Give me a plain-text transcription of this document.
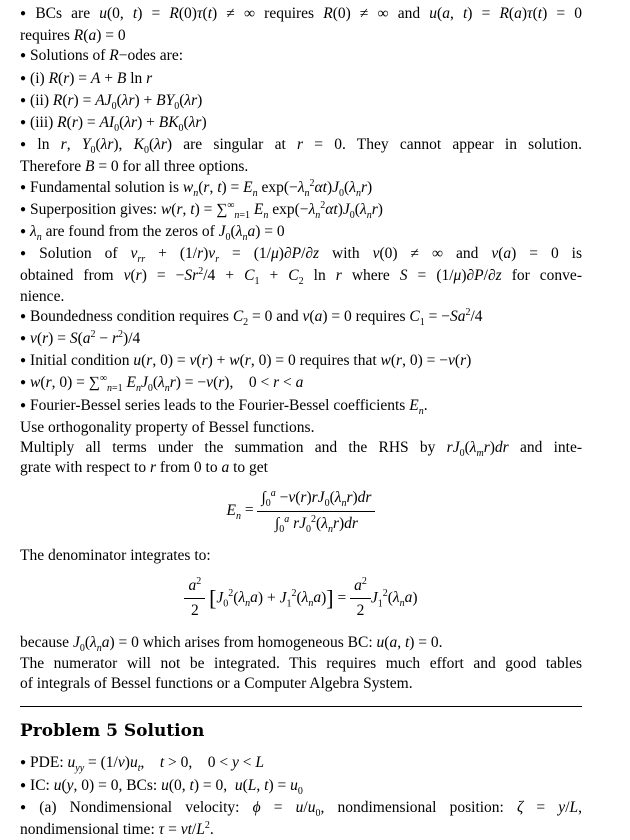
● BCs are u(0, t) = R(0)τ(t) ≠ ∞ requires R(0) ≠ ∞ and u(a, t) = R(a)τ(t) = 0
requires R(a) = 0
● Solutions of R−odes are:
● (i) R(r) = A + B ln r
● (ii) $R(r) = AJ_0(\lambda r) + BY_0(\lambda r)$
● (iii) $R(r) = AI_0(\lambda r) + BK_0(\lambda r)$
● ln r, $Y_0(\lambda r)$, $K_0(\lambda r)$ are singular at r = 0. They cannot appear in solution.
Therefore B = 0 for all three options.
● Fundamental solution is $w_n(r$, $t) = E_n$ $\exp(-\lambda_n^2\alpha t)J_0(\lambda_nr)$
● Superposition gives: w(r, $t) = \sum^\infty_{n=1}$ $E_n$ $\exp(-\lambda_n^2\alpha t)J_0(\lambda_nr)$
● $\lambda_n$ are found from the zeros of $J_0(\lambda_na) = 0$
● Solution of $v_{rr} + (1/r)v_r = (1/\mu)\partial P/\partial z$ with v(0) ≠ ∞ and v(a) = 0 is
obtained from $v(r) = -Sr^2/4 + C_1 + C_2$ ln r where S = (1/μ)∂P/∂z for conve-
nience.
● Boundedness condition requires $C_2 = 0$ and v(a) = 0 requires $C_1 = -Sa^2/4$
● $v(r) = S(a^2 - r^2)/4$
● Initial condition u(r, 0) = v(r) + w(r, 0) = 0 requires that w(r, 0) = −v(r)
● w(r, $0) = \sum^\infty_{n=1}$ $E_nJ_0(\lambda_nr) = -v(r)$,    0 < r < a
● Fourier-Bessel series leads to the Fourier-Bessel coefficients $E_n$.
Use orthogonality property of Bessel functions.
Multiply all terms under the summation and the RHS by $rJ_0(\lambda_mr)dr$ and inte-
grate with respect to r from 0 to a to get
$E_n = \frac{\int_0^a -v(r)rJ_0(\lambda_nr)dr}{\int_0^a rJ_0^2(\lambda_nr)dr}$
The denominator integrates to:
$\frac{a^2}{2} [J_0^2(\lambda_na) + J_1^2(\lambda_na)] = \frac{a^2}{2} J_1^2(\lambda_na)$
because $J_0(\lambda_na) = 0$ which arises from homogeneous BC: u(a, t) = 0.
The numerator will not be integrated. This requires much effort and good tables
of integrals of Bessel functions or a Computer Algebra System.
Problem 5 Solution
● PDE: $u_{yy} = (1/\nu)u_t$,    t > 0,    0 < y < L
● IC: u(y, 0) = 0, BCs: u(0, t) = 0,  u(L, $t) = u_0$
● (a) Nondimensional velocity: $\phi = u/u_0$, nondimensional position: ζ = y/L,
nondimensional time: $\tau = \nu t/L^2$.
